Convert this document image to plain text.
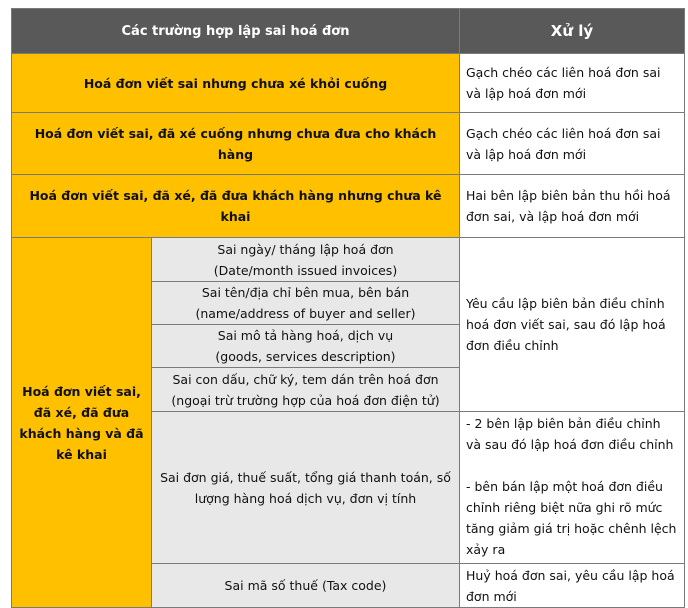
Các trường hợp lập sai hoá đơn		Xử lý
Hoá đơn viết sai nhưng chưa xé khỏi cuống		Gạch chéo các liên hoá đơn sai và lập hoá đơn mới
Hoá đơn viết sai, đã xé cuống nhưng chưa đưa cho khách hàng		Gạch chéo các liên hoá đơn sai và lập hoá đơn mới
Hoá đơn viết sai, đã xé, đã đưa khách hàng nhưng chưa kê khai		Hai bên lập biên bản thu hồi hoá đơn sai, và lập hoá đơn mới
Hoá đơn viết sai, đã xé, đã đưa khách hàng và đã kê khai	Sai ngày/ tháng lập hoá đơn
(Date/month issued invoices)	Yêu cầu lập biên bản điều chỉnh hoá đơn viết sai, sau đó lập hoá đơn điều chỉnh
	Sai tên/địa chỉ bên mua, bên bán
(name/address of buyer and seller)	
	Sai mô tả hàng hoá, dịch vụ
(goods, services description)	
	Sai con dấu, chữ ký, tem dán trên hoá đơn
(ngoại trừ trường hợp của hoá đơn điện tử)	
	Sai đơn giá, thuế suất, tổng giá thanh toán, số lượng hàng hoá dịch vụ, đơn vị tính	- 2 bên lập biên bản điều chỉnh và sau đó lập hoá đơn điều chỉnh

- bên bán lập một hoá đơn điều chỉnh riêng biệt nữa ghi rõ mức tăng giảm giá trị hoặc chênh lệch xảy ra
	Sai mã số thuế (Tax code)	Huỷ hoá đơn sai, yêu cầu lập hoá đơn mới
